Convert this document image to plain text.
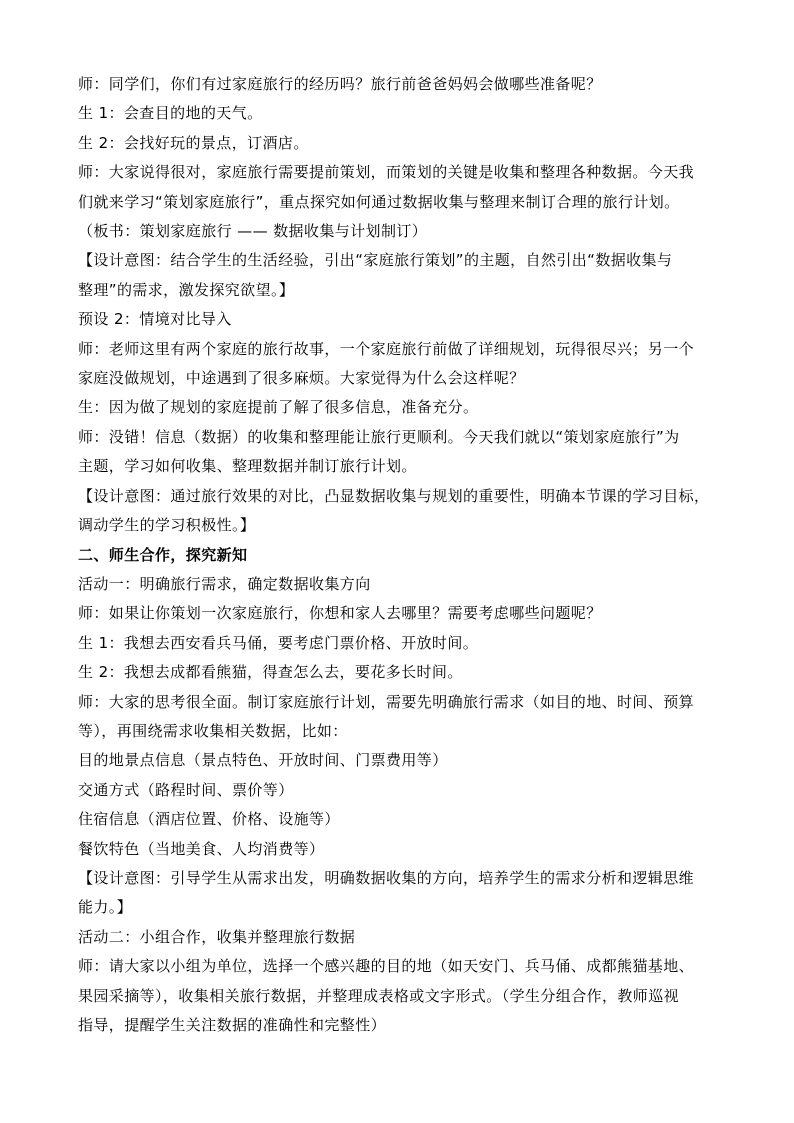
师：同学们，你们有过家庭旅行的经历吗？旅行前爸爸妈妈会做哪些准备呢？
生 1：会查目的地的天气。
生 2：会找好玩的景点，订酒店。
师：大家说得很对，家庭旅行需要提前策划，而策划的关键是收集和整理各种数据。今天我
们就来学习“策划家庭旅行”，重点探究如何通过数据收集与整理来制订合理的旅行计划。
（板书：策划家庭旅行 —— 数据收集与计划制订）
【设计意图：结合学生的生活经验，引出“家庭旅行策划”的主题，自然引出“数据收集与
整理”的需求，激发探究欲望。】
预设 2：情境对比导入
师：老师这里有两个家庭的旅行故事，一个家庭旅行前做了详细规划，玩得很尽兴；另一个
家庭没做规划，中途遇到了很多麻烦。大家觉得为什么会这样呢？
生：因为做了规划的家庭提前了解了很多信息，准备充分。
师：没错！信息（数据）的收集和整理能让旅行更顺利。今天我们就以“策划家庭旅行”为
主题，学习如何收集、整理数据并制订旅行计划。
【设计意图：通过旅行效果的对比，凸显数据收集与规划的重要性，明确本节课的学习目标，
调动学生的学习积极性。】
二、师生合作，探究新知
活动一：明确旅行需求，确定数据收集方向
师：如果让你策划一次家庭旅行，你想和家人去哪里？需要考虑哪些问题呢？
生 1：我想去西安看兵马俑，要考虑门票价格、开放时间。
生 2：我想去成都看熊猫，得查怎么去，要花多长时间。
师：大家的思考很全面。制订家庭旅行计划，需要先明确旅行需求（如目的地、时间、预算
等），再围绕需求收集相关数据，比如：
目的地景点信息（景点特色、开放时间、门票费用等）
交通方式（路程时间、票价等）
住宿信息（酒店位置、价格、设施等）
餐饮特色（当地美食、人均消费等）
【设计意图：引导学生从需求出发，明确数据收集的方向，培养学生的需求分析和逻辑思维
能力。】
活动二：小组合作，收集并整理旅行数据
师：请大家以小组为单位，选择一个感兴趣的目的地（如天安门、兵马俑、成都熊猫基地、
果园采摘等），收集相关旅行数据，并整理成表格或文字形式。（学生分组合作，教师巡视
指导，提醒学生关注数据的准确性和完整性）
